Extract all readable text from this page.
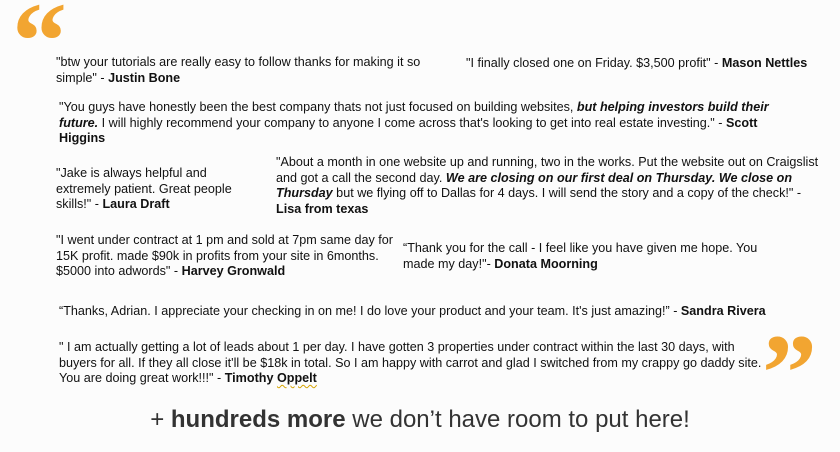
“

"btw your tutorials are really easy to follow thanks for making it so simple" - Justin Bone

"I finally closed one on Friday. $3,500 profit" - Mason Nettles

"You guys have honestly been the best company thats not just focused on building websites, but helping investors build their future. I will highly recommend your company to anyone I come across that's looking to get into real estate investing." - Scott Higgins

"Jake is always helpful and extremely patient. Great people skills!" - Laura Draft

"About a month in one website up and running, two in the works. Put the website out on Craigslist and got a call the second day. We are closing on our first deal on Thursday. We close on Thursday but we flying off to Dallas for 4 days. I will send the story and a copy of the check!" - Lisa from texas

"I went under contract at 1 pm and sold at 7pm same day for 15K profit. made $90k in profits from your site in 6months. $5000 into adwords" - Harvey Gronwald

“Thank you for the call - I feel like you have given me hope. You made my day!"- Donata Moorning

“Thanks, Adrian. I appreciate your checking in on me! I do love your product and your team. It's just amazing!” - Sandra Rivera

" I am actually getting a lot of leads about 1 per day. I have gotten 3 properties under contract within the last 30 days, with buyers for all. If they all close it'll be $18k in total. So I am happy with carrot and glad I switched from my crappy go daddy site. You are doing great work!!!" - Timothy Oppelt	”

+ hundreds more we don’t have room to put here!
